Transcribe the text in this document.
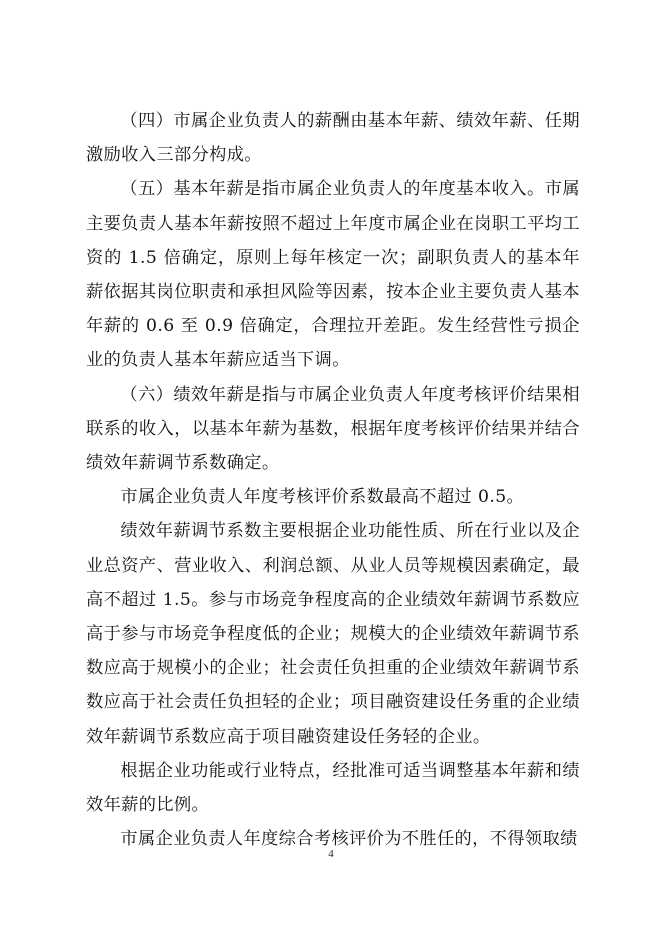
（四）市属企业负责人的薪酬由基本年薪、绩效年薪、任期激励收入三部分构成。

（五）基本年薪是指市属企业负责人的年度基本收入。市属主要负责人基本年薪按照不超过上年度市属企业在岗职工平均工资的 1.5 倍确定，原则上每年核定一次；副职负责人的基本年薪依据其岗位职责和承担风险等因素，按本企业主要负责人基本年薪的 0.6 至 0.9 倍确定，合理拉开差距。发生经营性亏损企业的负责人基本年薪应适当下调。

（六）绩效年薪是指与市属企业负责人年度考核评价结果相联系的收入，以基本年薪为基数，根据年度考核评价结果并结合绩效年薪调节系数确定。

市属企业负责人年度考核评价系数最高不超过 0.5。

绩效年薪调节系数主要根据企业功能性质、所在行业以及企业总资产、营业收入、利润总额、从业人员等规模因素确定，最高不超过 1.5。参与市场竞争程度高的企业绩效年薪调节系数应高于参与市场竞争程度低的企业；规模大的企业绩效年薪调节系数应高于规模小的企业；社会责任负担重的企业绩效年薪调节系数应高于社会责任负担轻的企业；项目融资建设任务重的企业绩效年薪调节系数应高于项目融资建设任务轻的企业。

根据企业功能或行业特点，经批准可适当调整基本年薪和绩效年薪的比例。

市属企业负责人年度综合考核评价为不胜任的，不得领取绩

4
